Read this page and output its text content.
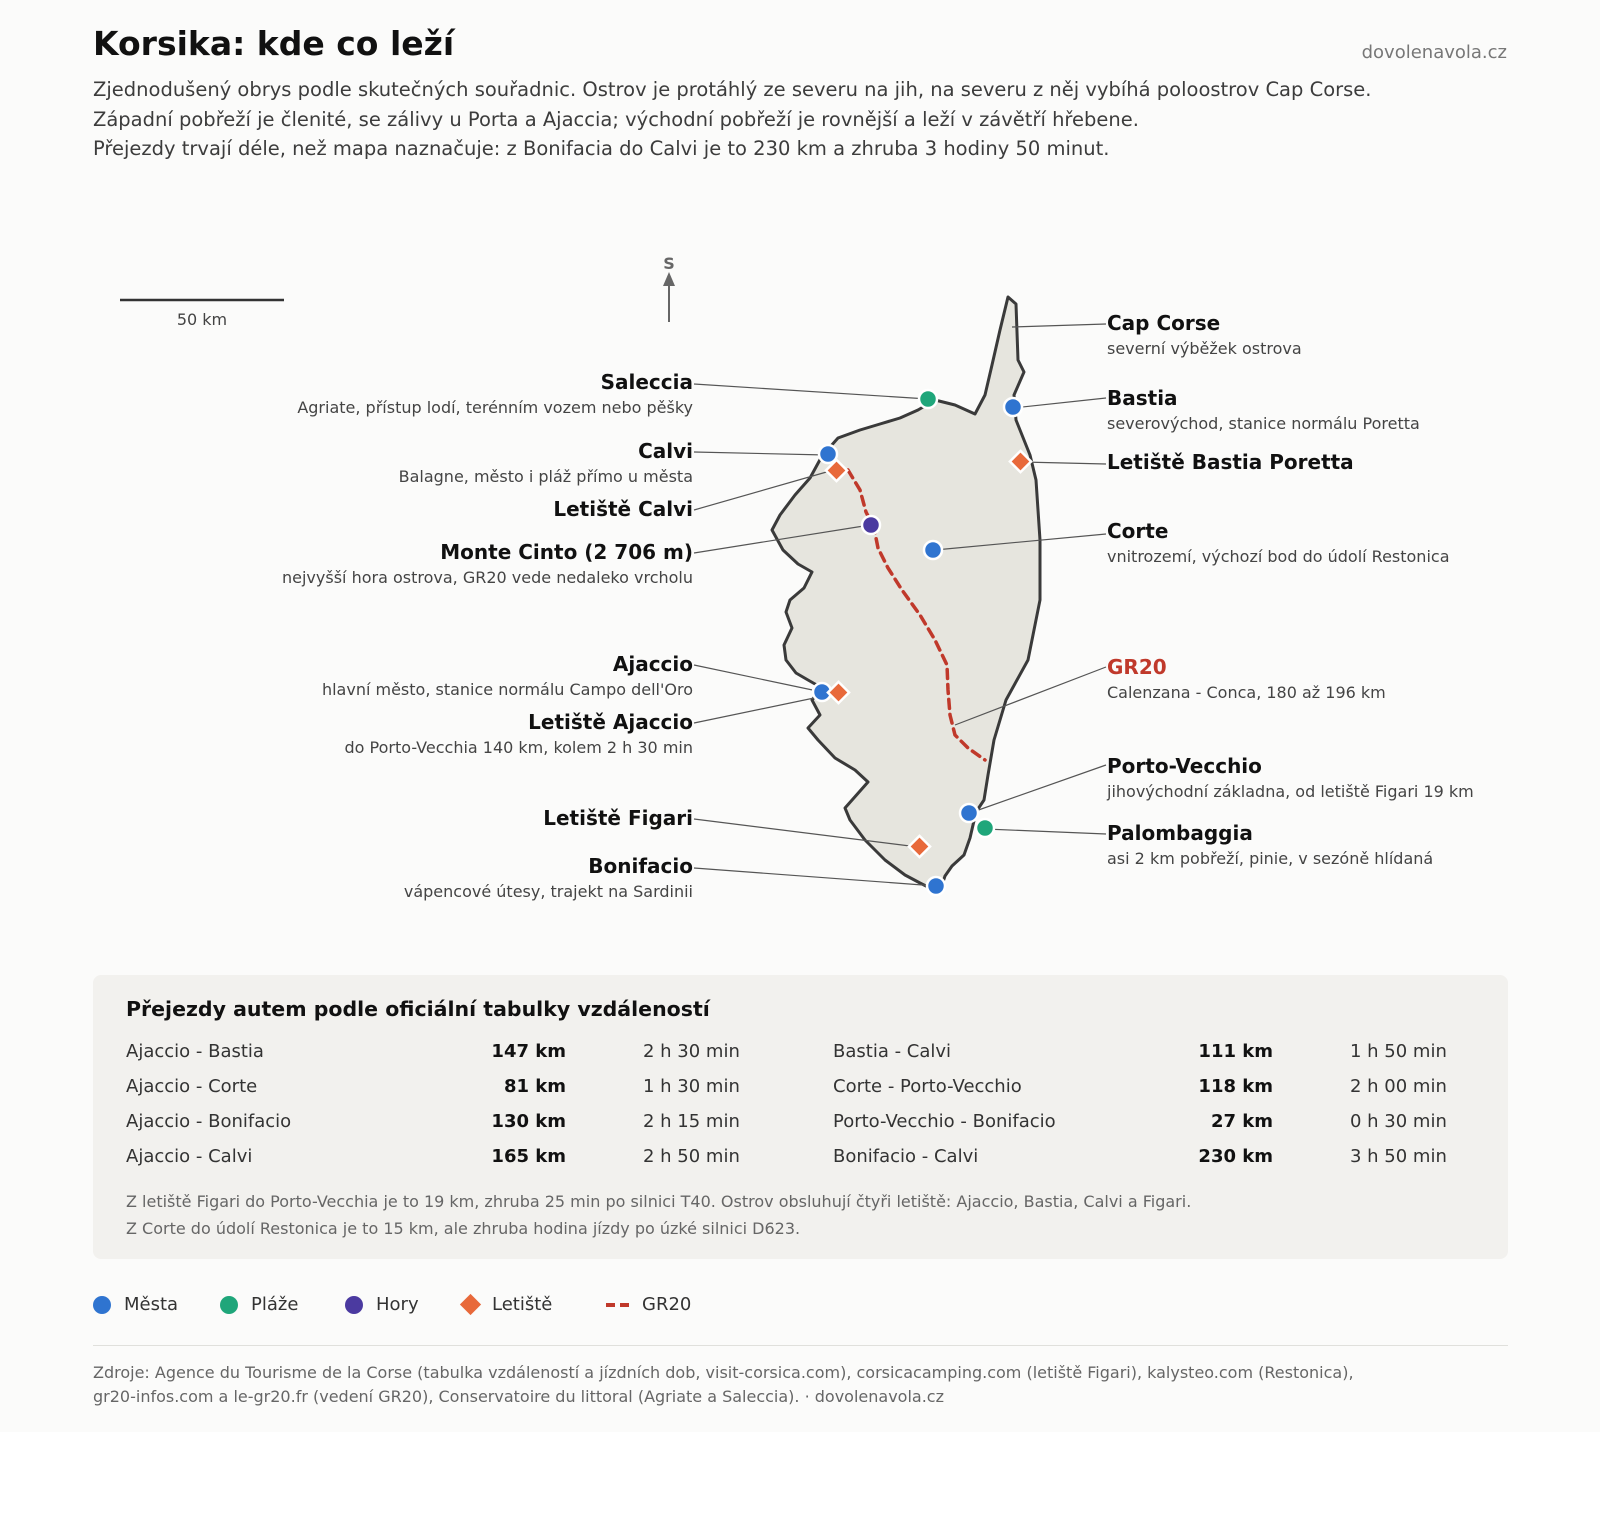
Korsika: kde co leží	dovolenavola.cz
Zjednodušený obrys podle skutečných souřadnic. Ostrov je protáhlý ze severu na jih, na severu z něj vybíhá poloostrov Cap Corse.
Západní pobřeží je členité, se zálivy u Porta a Ajaccia; východní pobřeží je rovnější a leží v závětří hřebene.
Přejezdy trvají déle, než mapa naznačuje: z Bonifacia do Calvi je to 230 km a zhruba 3 hodiny 50 minut.
50 km
S
Cap Corse
severní výběžek ostrova
Bastia
severovýchod, stanice normálu Poretta
Letiště Bastia Poretta
Corte
vnitrozemí, výchozí bod do údolí Restonica
GR20
Calenzana - Conca, 180 až 196 km
Porto-Vecchio
jihovýchodní základna, od letiště Figari 19 km
Palombaggia
asi 2 km pobřeží, pinie, v sezóně hlídaná
Saleccia
Agriate, přístup lodí, terénním vozem nebo pěšky
Calvi
Balagne, město i pláž přímo u města
Letiště Calvi
Monte Cinto (2 706 m)
nejvyšší hora ostrova, GR20 vede nedaleko vrcholu
Ajaccio
hlavní město, stanice normálu Campo dell'Oro
Letiště Ajaccio
do Porto-Vecchia 140 km, kolem 2 h 30 min
Letiště Figari
Bonifacio
vápencové útesy, trajekt na Sardinii
Přejezdy autem podle oficiální tabulky vzdáleností
Ajaccio - Bastia	147 km	2 h 30 min
Ajaccio - Corte	81 km	1 h 30 min
Ajaccio - Bonifacio	130 km	2 h 15 min
Ajaccio - Calvi	165 km	2 h 50 min
Bastia - Calvi	111 km	1 h 50 min
Corte - Porto-Vecchio	118 km	2 h 00 min
Porto-Vecchio - Bonifacio	27 km	0 h 30 min
Bonifacio - Calvi	230 km	3 h 50 min
Z letiště Figari do Porto-Vecchia je to 19 km, zhruba 25 min po silnici T40. Ostrov obsluhují čtyři letiště: Ajaccio, Bastia, Calvi a Figari.
Z Corte do údolí Restonica je to 15 km, ale zhruba hodina jízdy po úzké silnici D623.
Města	Pláže	Hory	Letiště	GR20
Zdroje: Agence du Tourisme de la Corse (tabulka vzdáleností a jízdních dob, visit-corsica.com), corsicacamping.com (letiště Figari), kalysteo.com (Restonica),
gr20-infos.com a le-gr20.fr (vedení GR20), Conservatoire du littoral (Agriate a Saleccia). · dovolenavola.cz
